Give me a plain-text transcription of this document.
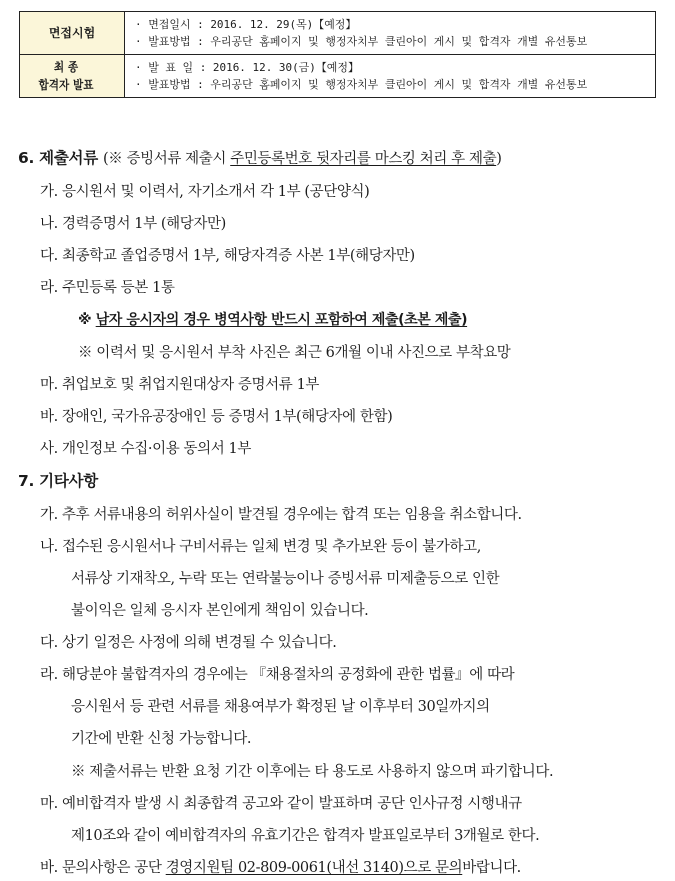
면접시험	· 면접일시 : 2016. 12. 29(목)【예정】
· 발표방법 : 우리공단 홈페이지 및 행정자치부 클린아이 게시 및 합격자 개별 유선통보

최 종
합격자 발표	· 발 표 일 : 2016. 12. 30(금)【예정】
· 발표방법 : 우리공단 홈페이지 및 행정자치부 클린아이 게시 및 합격자 개별 유선통보
6. 제출서류 (※ 증빙서류 제출시 주민등록번호 뒷자리를 마스킹 처리 후 제출)
가. 응시원서 및 이력서, 자기소개서 각 1부 (공단양식)
나. 경력증명서 1부 (해당자만)
다. 최종학교 졸업증명서 1부, 해당자격증 사본 1부(해당자만)
라. 주민등록 등본 1통
※ 남자 응시자의 경우 병역사항 반드시 포함하여 제출(초본 제출)
※ 이력서 및 응시원서 부착 사진은 최근 6개월 이내 사진으로 부착요망
마. 취업보호 및 취업지원대상자 증명서류 1부
바. 장애인, 국가유공장애인 등 증명서 1부(해당자에 한함)
사. 개인정보 수집·이용 동의서 1부
7. 기타사항
가. 추후 서류내용의 허위사실이 발견될 경우에는 합격 또는 임용을 취소합니다.
나. 접수된 응시원서나 구비서류는 일체 변경 및 추가보완 등이 불가하고,
서류상 기재착오, 누락 또는 연락불능이나 증빙서류 미제출등으로 인한
불이익은 일체 응시자 본인에게 책임이 있습니다.
다. 상기 일정은 사정에 의해 변경될 수 있습니다.
라. 해당분야 불합격자의 경우에는 『채용절차의 공정화에 관한 법률』에 따라
응시원서 등 관련 서류를 채용여부가 확정된 날 이후부터 30일까지의
기간에 반환 신청 가능합니다.
※ 제출서류는 반환 요청 기간 이후에는 타 용도로 사용하지 않으며 파기합니다.
마. 예비합격자 발생 시 최종합격 공고와 같이 발표하며 공단 인사규정 시행내규
제10조와 같이 예비합격자의 유효기간은 합격자 발표일로부터 3개월로 한다.
바. 문의사항은 공단 경영지원팀 02-809-0061(내선 3140)으로 문의바랍니다.
